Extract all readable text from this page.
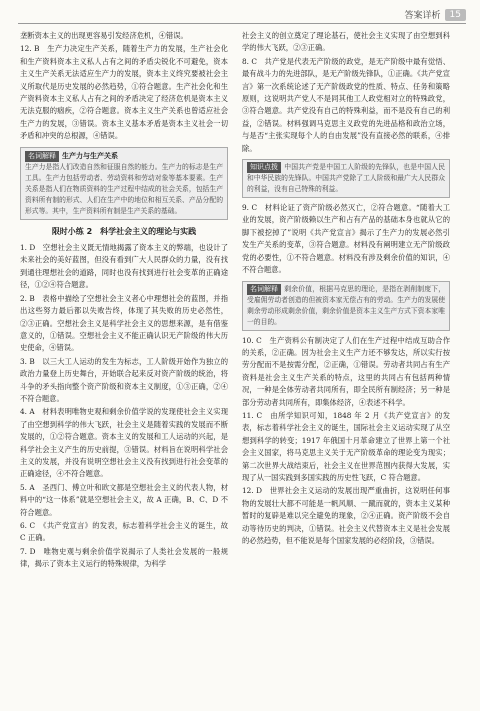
答案详析	15

垄断资本主义的出现更容易引发经济危机，④错误。

12. B　生产力决定生产关系，随着生产力的发展，生产社会化和生产资料资本主义私人占有之间的矛盾尖锐化不可避免，资本主义生产关系无法适应生产力的发展，资本主义终究要被社会主义所取代是历史发展的必然趋势，①符合题意。生产社会化和生产资料资本主义私人占有之间的矛盾决定了经济危机是资本主义无法克服的痼疾，②符合题意。资本主义生产关系也曾适应社会生产力的发展，③错误。资本主义基本矛盾是资本主义社会一切矛盾和冲突的总根源，④错误。

名词解释 生产力与生产关系
生产力是指人们改造自然和征服自然的能力。生产力的标志是生产工具。生产力包括劳动者、劳动资料和劳动对象等基本要素。生产关系是指人们在物质资料的生产过程中结成的社会关系，包括生产资料所有制的形式、人们在生产中的地位和相互关系、产品分配的形式等。其中，生产资料所有制是生产关系的基础。
限时小练 2　科学社会主义的理论与实践

1. D　空想社会主义既无情地揭露了资本主义的弊端，也设计了未来社会的美好蓝图，但没有看到广大人民群众的力量，没有找到通往理想社会的道路，同时也没有找到进行社会变革的正确途径，①②④符合题意。

2. B　表格中描绘了空想社会主义者心中理想社会的蓝图，并指出这些努力最后都以失败告终，体现了其失败的历史必然性，②③正确。空想社会主义是科学社会主义的思想来源，是有借鉴意义的，①错误。空想社会主义不能正确认识无产阶级的伟大历史使命，④错误。

3. B　以三大工人运动的发生为标志，工人阶级开始作为独立的政治力量登上历史舞台，开始联合起来反对资产阶级的统治，将斗争的矛头指向整个资产阶级和资本主义制度，①③正确，②④不符合题意。

4. A　材料表明唯物史观和剩余价值学说的发现使社会主义实现了由空想到科学的伟大飞跃，社会主义是随着实践的发展而不断发展的，①②符合题意。资本主义的发展和工人运动的兴起，是科学社会主义产生的历史前提，③错误。材料旨在说明科学社会主义的发展，并没有说明空想社会主义没有找到进行社会变革的正确途径，④不符合题意。

5. A　圣西门、傅立叶和欧文都是空想社会主义的代表人物，材料中的“这一体系”就是空想社会主义，故 A 正确，B、C、D 不符合题意。

6. C　《共产党宣言》的发表，标志着科学社会主义的诞生，故 C 正确。

7. D　唯物史观与剩余价值学说揭示了人类社会发展的一般规律，揭示了资本主义运行的特殊规律，为科学

社会主义的创立奠定了理论基石，使社会主义实现了由空想到科学的伟大飞跃，②③正确。

8. C　共产党是代表无产阶级的政党，是无产阶级中最有觉悟、最有战斗力的先进部队，是无产阶级先锋队，①正确。《共产党宣言》第一次系统论述了无产阶级政党的性质、特点、任务和策略原则，这说明共产党人不是同其他工人政党相对立的特殊政党，③符合题意。共产党没有自己的特殊利益，而不是没有自己的利益，②错误。材料强调马克思主义政党的先进品格和政治立场，与是否“主张实现每个人的自由发展”没有直接必然的联系，④排除。

知识点拨 中国共产党是中国工人阶级的先锋队，也是中国人民和中华民族的先锋队。中国共产党除了工人阶级和最广大人民群众的利益，没有自己特殊的利益。

9. C　材料论证了资产阶级必然灭亡，②符合题意。“随着大工业的发展，资产阶级赖以生产和占有产品的基础本身也就从它的脚下被挖掉了”说明《共产党宣言》揭示了生产力的发展必然引发生产关系的变革，③符合题意。材料没有阐明建立无产阶级政党的必要性，①不符合题意。材料没有涉及剩余价值的知识，④不符合题意。

名词解释 剩余价值，根据马克思的理论，是指在剥削制度下，受雇佣劳动者创造的但被资本家无偿占有的劳动。生产力的发展使剩余劳动形成剩余价值，剩余价值是资本主义生产方式下资本家唯一的目的。

10. C　生产资料公有制决定了人们在生产过程中结成互助合作的关系，②正确。因为社会主义生产力还不够发达，所以实行按劳分配而不是按需分配，②正确，①错误。劳动者共同占有生产资料是社会主义生产关系的特点，这里的共同占有包括两种情况，一种是全体劳动者共同所有，即全民所有制经济；另一种是部分劳动者共同所有，即集体经济，④表述不科学。

11. C　由所学知识可知，1848 年 2 月《共产党宣言》的发表，标志着科学社会主义的诞生，国际社会主义运动实现了从空想到科学的转变；1917 年俄国十月革命建立了世界上第一个社会主义国家，将马克思主义关于无产阶级革命的理论变为现实；第二次世界大战结束后，社会主义在世界范围内获得大发展，实现了从一国实践到多国实践的历史性飞跃，C 符合题意。

12. D　世界社会主义运动的发展出现严重曲折，这说明任何事物的发展壮大都不可能是一帆风顺、一蹴而就的，资本主义某种暂时的复辟是难以完全避免的现象，②④正确。资产阶级不会自动等待历史的判决，①错误。社会主义代替资本主义是社会发展的必然趋势，但不能说是每个国家发展的必经阶段，③错误。
